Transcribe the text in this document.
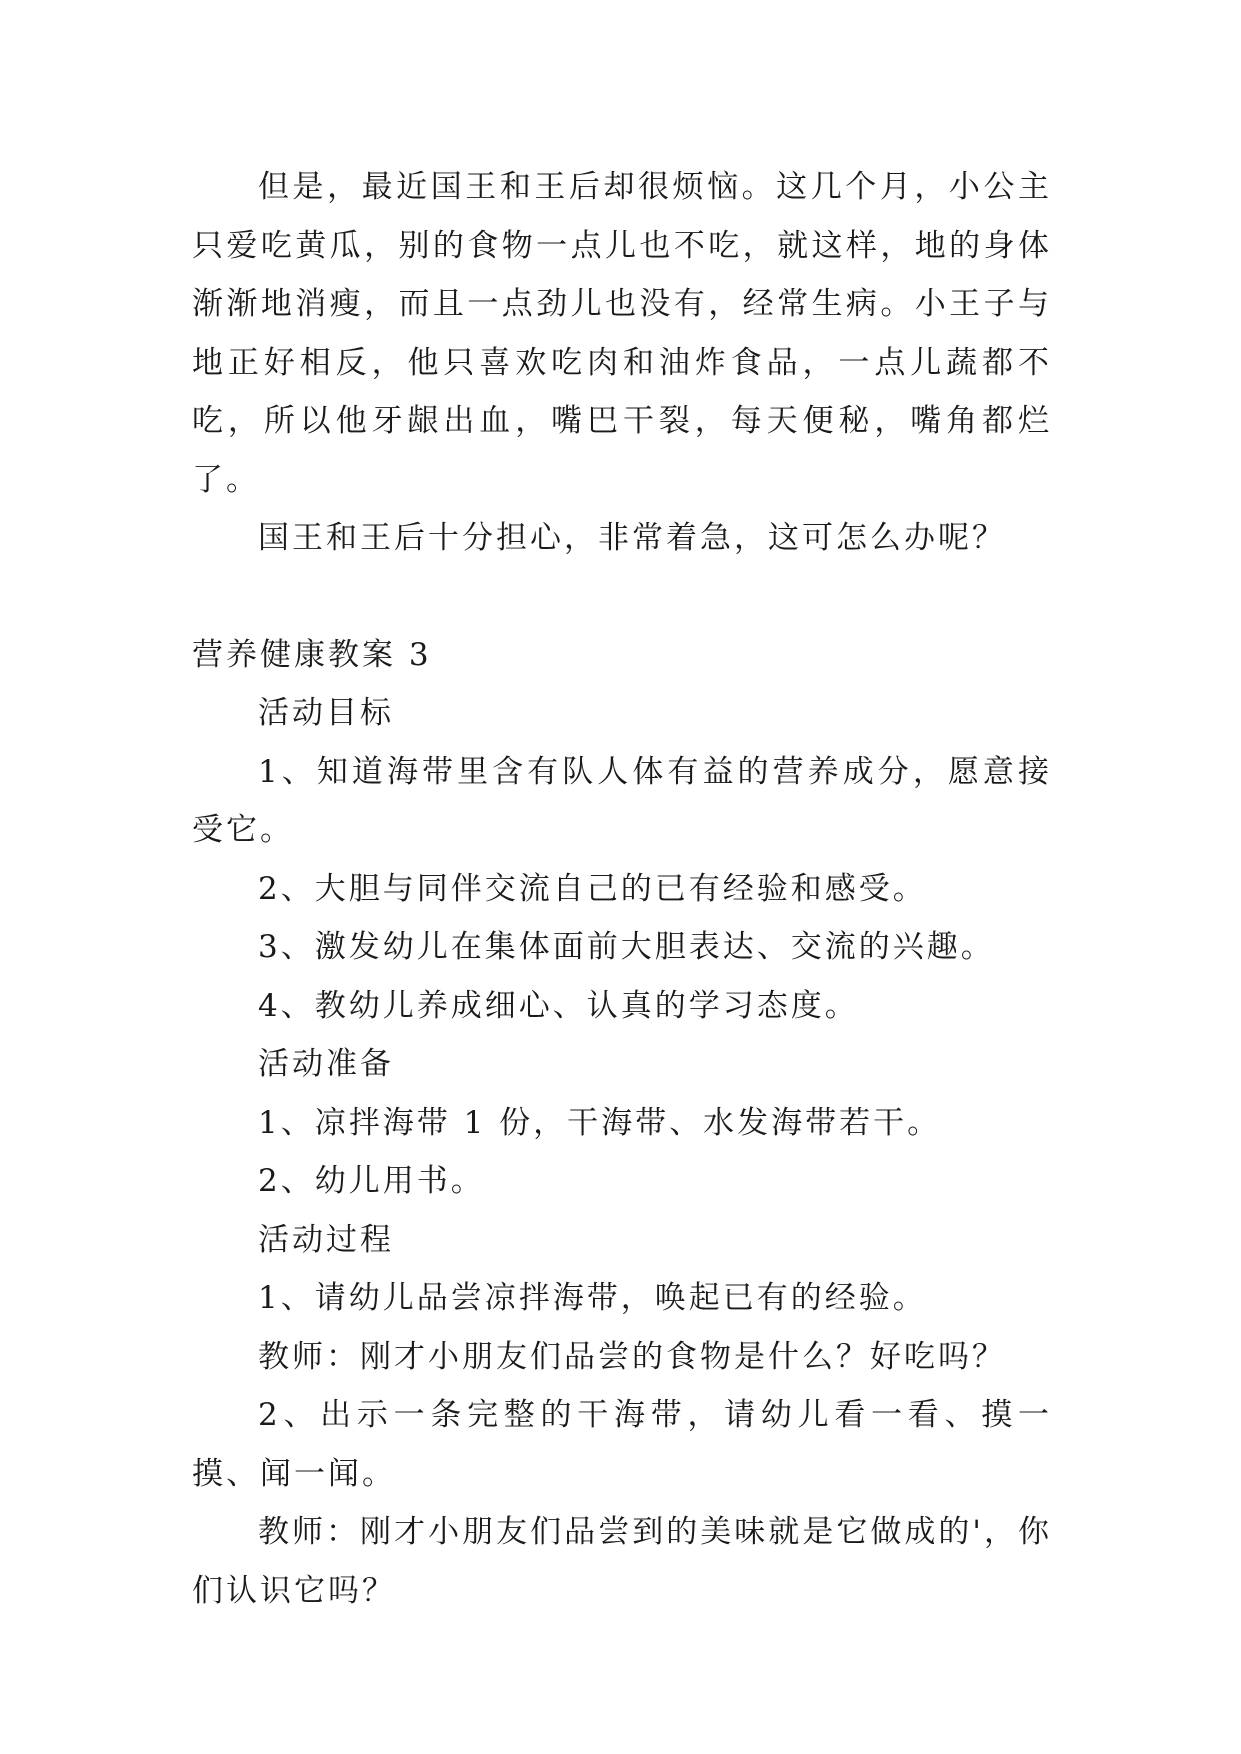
但是，最近国王和王后却很烦恼。这几个月，小公主只爱吃黄瓜，别的食物一点儿也不吃，就这样，地的身体渐渐地消瘦，而且一点劲儿也没有，经常生病。小王子与地正好相反，他只喜欢吃肉和油炸食品，一点儿蔬都不吃，所以他牙龈出血，嘴巴干裂，每天便秘，嘴角都烂了。

国王和王后十分担心，非常着急，这可怎么办呢？

营养健康教案 3

活动目标

1、知道海带里含有队人体有益的营养成分，愿意接受它。

2、大胆与同伴交流自己的已有经验和感受。

3、激发幼儿在集体面前大胆表达、交流的兴趣。

4、教幼儿养成细心、认真的学习态度。

活动准备

1、凉拌海带 1 份，干海带、水发海带若干。

2、幼儿用书。

活动过程

1、请幼儿品尝凉拌海带，唤起已有的经验。

教师：刚才小朋友们品尝的食物是什么？好吃吗？

2、出示一条完整的干海带，请幼儿看一看、摸一摸、闻一闻。

教师：刚才小朋友们品尝到的美味就是它做成的'，你们认识它吗？
